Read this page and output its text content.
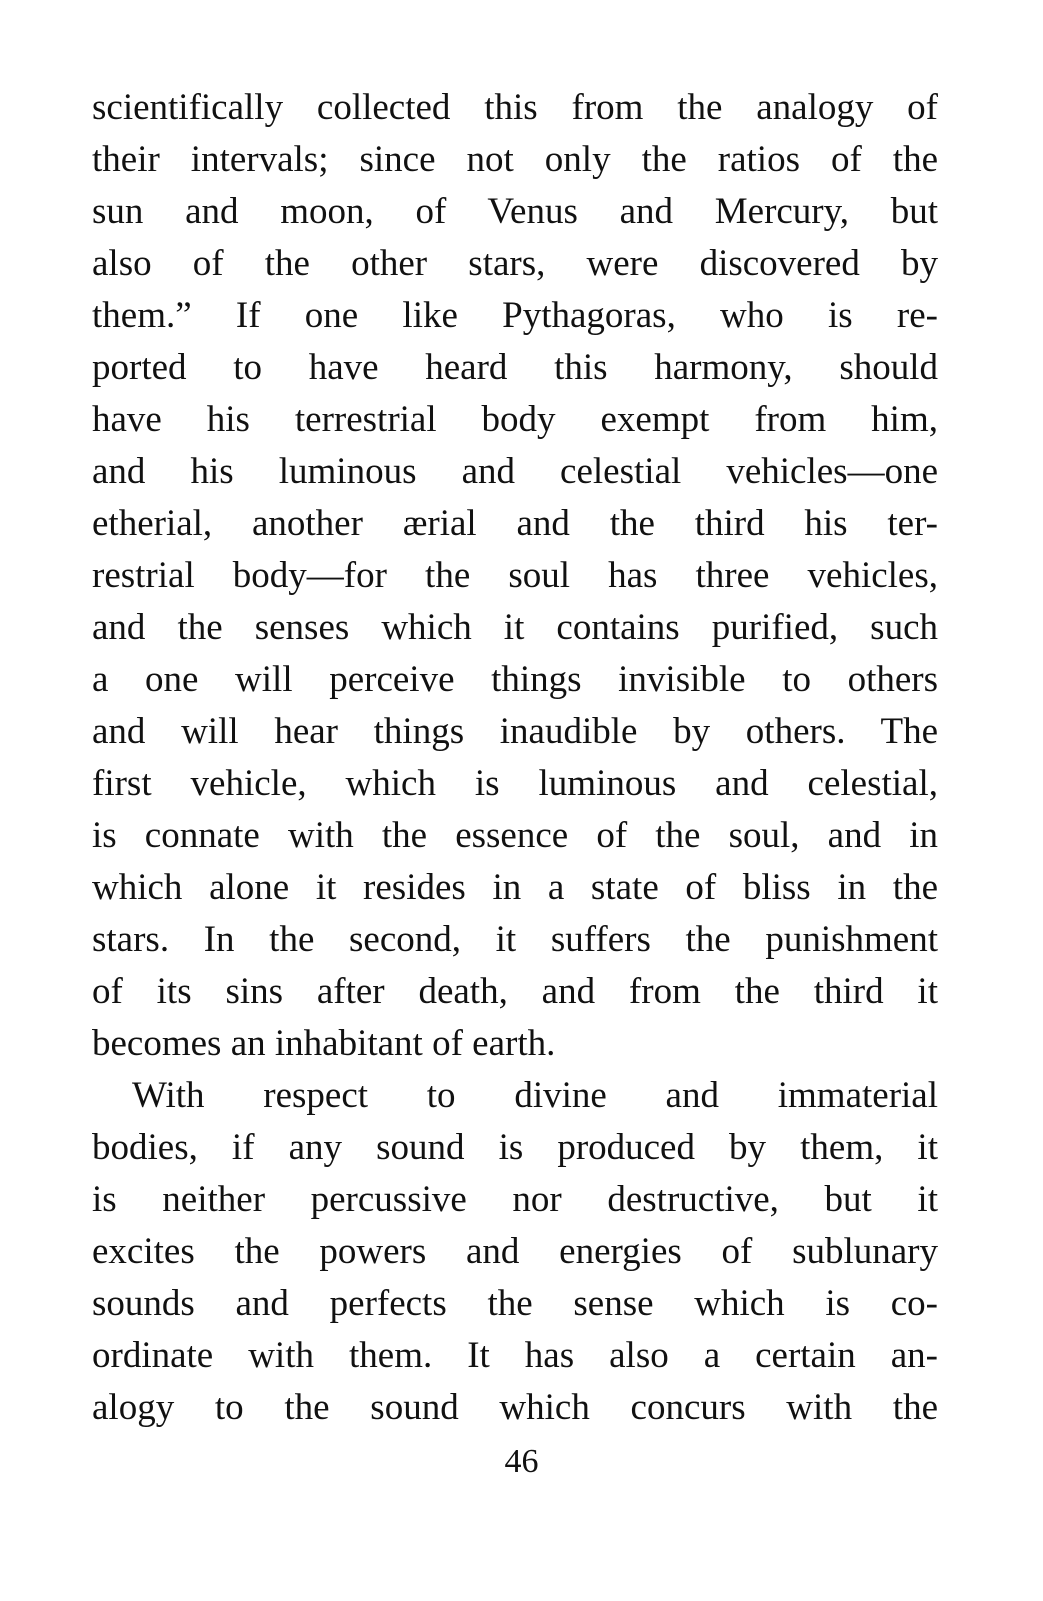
scientifically collected this from the analogy of
their intervals; since not only the ratios of the
sun and moon, of Venus and Mercury, but
also of the other stars, were discovered by
them.” If one like Pythagoras, who is re-
ported to have heard this harmony, should
have his terrestrial body exempt from him,
and his luminous and celestial vehicles—one
etherial, another ærial and the third his ter-
restrial body—for the soul has three vehicles,
and the senses which it contains purified, such
a one will perceive things invisible to others
and will hear things inaudible by others. The
first vehicle, which is luminous and celestial,
is connate with the essence of the soul, and in
which alone it resides in a state of bliss in the
stars. In the second, it suffers the punishment
of its sins after death, and from the third it
becomes an inhabitant of earth.

With respect to divine and immaterial
bodies, if any sound is produced by them, it
is neither percussive nor destructive, but it
excites the powers and energies of sublunary
sounds and perfects the sense which is co-
ordinate with them. It has also a certain an-
alogy to the sound which concurs with the

46
